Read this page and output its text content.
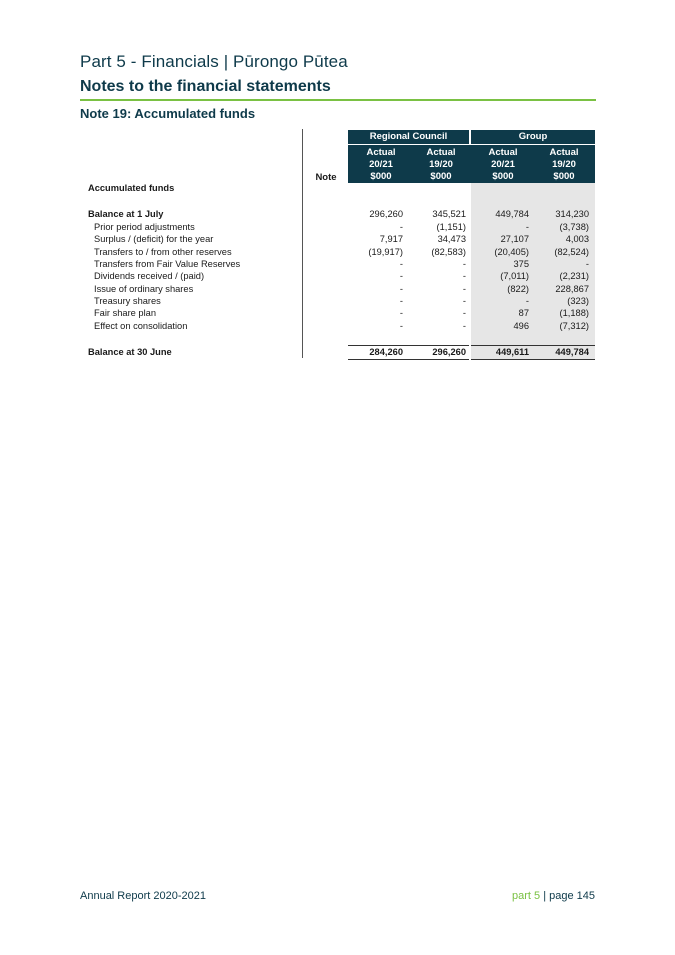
Part 5 - Financials | Pūrongo Pūtea
Notes to the financial statements
Note 19: Accumulated funds
Regional Council	Group
Actual
20/21
$000
Actual
19/20
$000
Actual
20/21
$000
Actual
19/20
$000
Note
Accumulated funds
Balance at 1 July	296,260	345,521	449,784	314,230
Prior period adjustments	-	(1,151)	-	(3,738)
Surplus / (deficit) for the year	7,917	34,473	27,107	4,003
Transfers to / from other reserves	(19,917)	(82,583)	(20,405)	(82,524)
Transfers from Fair Value Reserves	-	-	375	-
Dividends received / (paid)	-	-	(7,011)	(2,231)
Issue of ordinary shares	-	-	(822)	228,867
Treasury shares	-	-	-	(323)
Fair share plan	-	-	87	(1,188)
Effect on consolidation	-	-	496	(7,312)
Balance at 30 June	284,260	296,260	449,611	449,784
Annual Report 2020-2021	part 5 | page 145
